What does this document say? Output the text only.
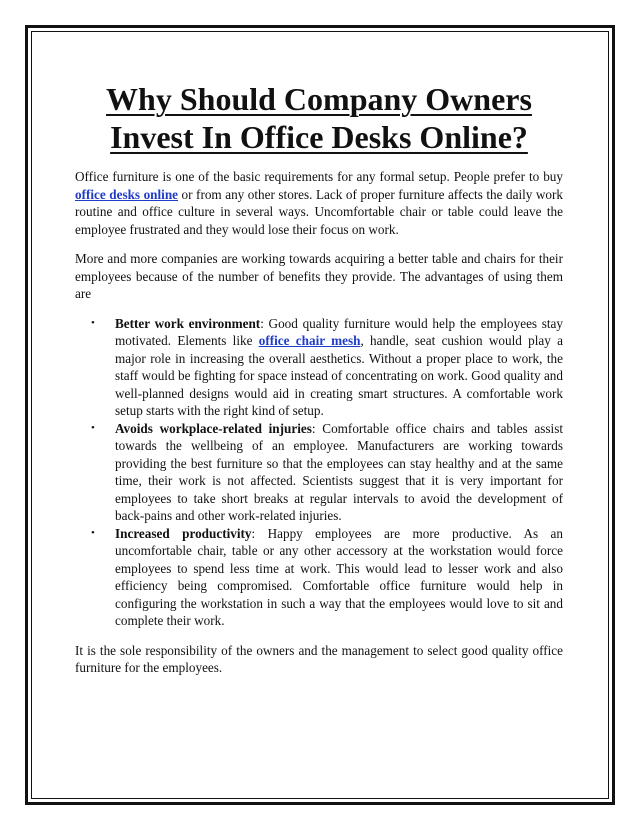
Why Should Company Owners Invest In Office Desks Online?

Office furniture is one of the basic requirements for any formal setup. People prefer to buy office desks online or from any other stores. Lack of proper furniture affects the daily work routine and office culture in several ways. Uncomfortable chair or table could leave the employee frustrated and they would lose their focus on work.

More and more companies are working towards acquiring a better table and chairs for their employees because of the number of benefits they provide. The advantages of using them are

• Better work environment: Good quality furniture would help the employees stay motivated. Elements like office chair mesh, handle, seat cushion would play a major role in increasing the overall aesthetics. Without a proper place to work, the staff would be fighting for space instead of concentrating on work. Good quality and well-planned designs would aid in creating smart structures. A comfortable work setup starts with the right kind of setup.
• Avoids workplace-related injuries: Comfortable office chairs and tables assist towards the wellbeing of an employee. Manufacturers are working towards providing the best furniture so that the employees can stay healthy and at the same time, their work is not affected. Scientists suggest that it is very important for employees to take short breaks at regular intervals to avoid the development of back-pains and other work-related injuries.
• Increased productivity: Happy employees are more productive. As an uncomfortable chair, table or any other accessory at the workstation would force employees to spend less time at work. This would lead to lesser work and also efficiency being compromised. Comfortable office furniture would help in configuring the workstation in such a way that the employees would love to sit and complete their work.

It is the sole responsibility of the owners and the management to select good quality office furniture for the employees.
